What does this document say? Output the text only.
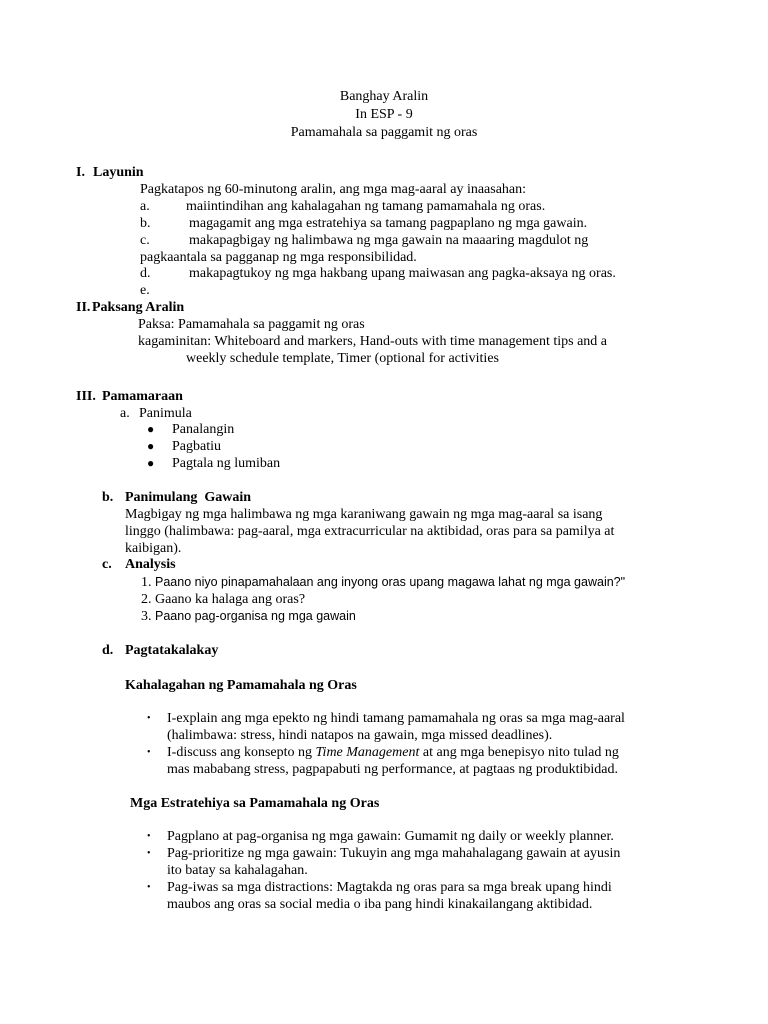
Banghay Aralin
In ESP - 9
Pamamahala sa paggamit ng oras
I. Layunin
Pagkatapos ng 60-minutong aralin, ang mga mag-aaral ay inaasahan:
a.	maiintindihan ang kahalagahan ng tamang pamamahala ng oras.
b.	magagamit ang mga estratehiya sa tamang pagpaplano ng mga gawain.
c.	makapagbigay ng halimbawa ng mga gawain na maaaring magdulot ng
pagkaantala sa pagganap ng mga responsibilidad.
d.	makapagtukoy ng mga hakbang upang maiwasan ang pagka-aksaya ng oras.
e.
II. Paksang Aralin
Paksa: Pamamahala sa paggamit ng oras
kagaminitan: Whiteboard and markers, Hand-outs with time management tips and a
weekly schedule template, Timer (optional for activities
III. Pamamaraan
a. Panimula
● Panalangin
● Pagbatiu
● Pagtala ng lumiban
b. Panimulang  Gawain
Magbigay ng mga halimbawa ng mga karaniwang gawain ng mga mag-aaral sa isang
linggo (halimbawa: pag-aaral, mga extracurricular na aktibidad, oras para sa pamilya at
kaibigan).
c. Analysis
1. Paano niyo pinapamahalaan ang inyong oras upang magawa lahat ng mga gawain?"
2. Gaano ka halaga ang oras?
3. Paano pag-organisa ng mga gawain
d. Pagtatakalakay
Kahalagahan ng Pamamahala ng Oras
• I-explain ang mga epekto ng hindi tamang pamamahala ng oras sa mga mag-aaral
(halimbawa: stress, hindi natapos na gawain, mga missed deadlines).
• I-discuss ang konsepto ng Time Management at ang mga benepisyo nito tulad ng
mas mababang stress, pagpapabuti ng performance, at pagtaas ng produktibidad.
Mga Estratehiya sa Pamamahala ng Oras
• Pagplano at pag-organisa ng mga gawain: Gumamit ng daily or weekly planner.
• Pag-prioritize ng mga gawain: Tukuyin ang mga mahahalagang gawain at ayusin
ito batay sa kahalagahan.
• Pag-iwas sa mga distractions: Magtakda ng oras para sa mga break upang hindi
maubos ang oras sa social media o iba pang hindi kinakailangang aktibidad.
